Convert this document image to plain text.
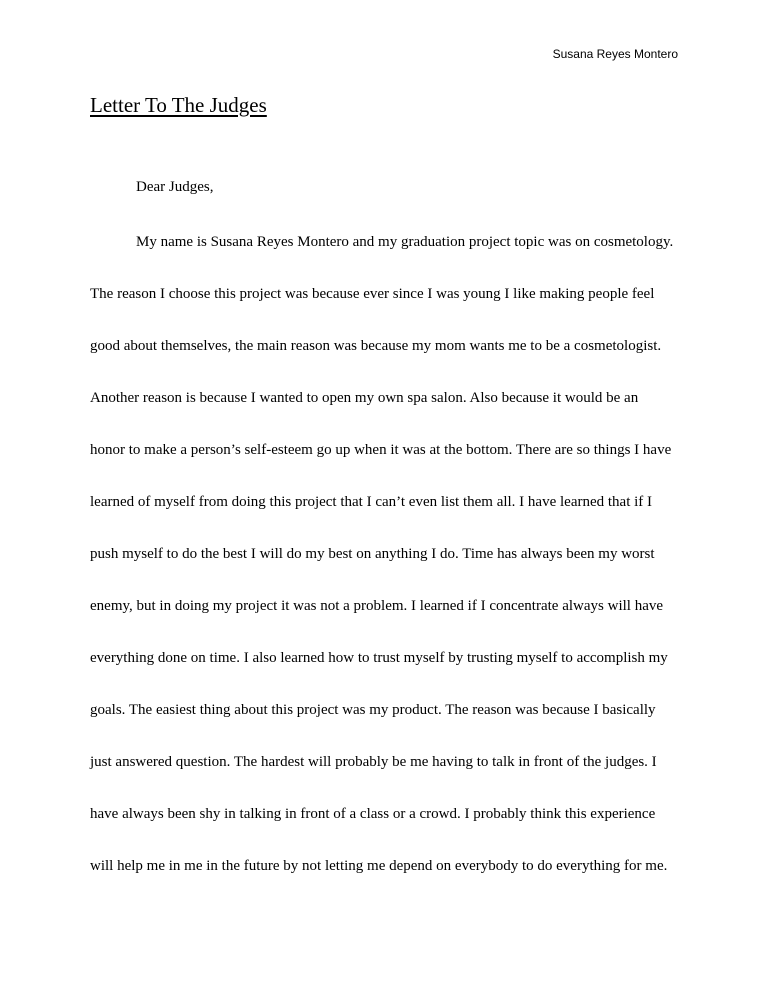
Susana Reyes Montero
Letter To The Judges
Dear Judges,

My name is Susana Reyes Montero and my graduation project topic was on cosmetology.

The reason I choose this project was because ever since I was young I like making people feel

good about themselves, the main reason was because my mom wants me to be a cosmetologist.

Another reason is because I wanted to open my own spa salon. Also because it would be an

honor to make a person’s self-esteem go up when it was at the bottom. There are so things I have

learned of myself from doing this project that I can’t even list them all. I have learned that if I

push myself to do the best I will do my best on anything I do. Time has always been my worst

enemy, but in doing my project it was not a problem. I learned if I concentrate always will have

everything done on time. I also learned how to trust myself by trusting myself to accomplish my

goals. The easiest thing about this project was my product. The reason was because I basically

just answered question. The hardest will probably be me having to talk in front of the judges. I

have always been shy in talking in front of a class or a crowd. I probably think this experience

will help me in me in the future by not letting me depend on everybody to do everything for me.
